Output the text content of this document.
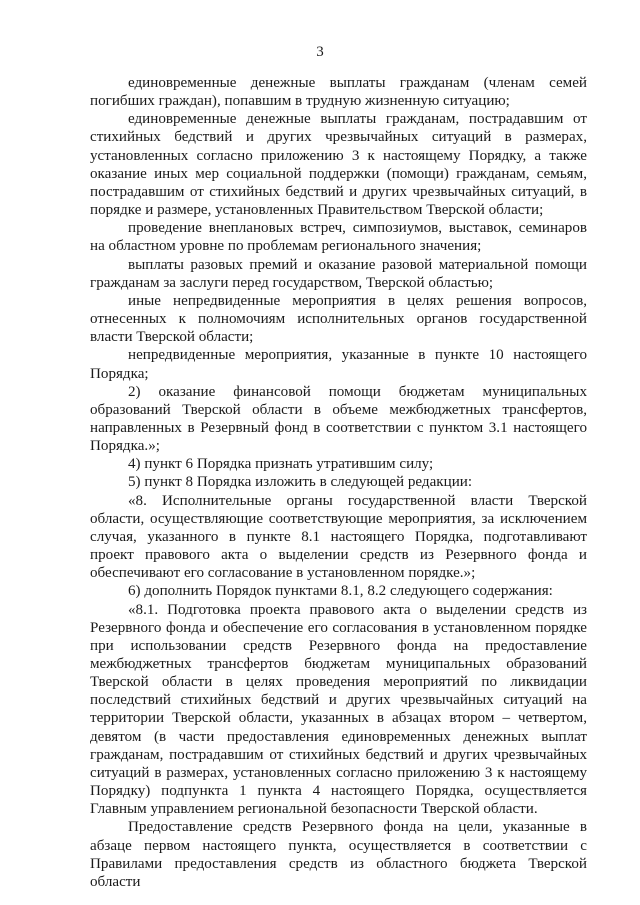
3

единовременные денежные выплаты гражданам (членам семей погибших граждан), попавшим в трудную жизненную ситуацию;

единовременные денежные выплаты гражданам, пострадавшим от стихийных бедствий и других чрезвычайных ситуаций в размерах, установленных согласно приложению 3 к настоящему Порядку, а также оказание иных мер социальной поддержки (помощи) гражданам, семьям, пострадавшим от стихийных бедствий и других чрезвычайных ситуаций, в порядке и размере, установленных Правительством Тверской области;

проведение внеплановых встреч, симпозиумов, выставок, семинаров на областном уровне по проблемам регионального значения;

выплаты разовых премий и оказание разовой материальной помощи гражданам за заслуги перед государством, Тверской областью;

иные непредвиденные мероприятия в целях решения вопросов, отнесенных к полномочиям исполнительных органов государственной власти Тверской области;

непредвиденные мероприятия, указанные в пункте 10 настоящего Порядка;

2) оказание финансовой помощи бюджетам муниципальных образований Тверской области в объеме межбюджетных трансфертов, направленных в Резервный фонд в соответствии с пунктом 3.1 настоящего Порядка.»;

4) пункт 6 Порядка признать утратившим силу;

5) пункт 8 Порядка изложить в следующей редакции:

«8. Исполнительные органы государственной власти Тверской области, осуществляющие соответствующие мероприятия, за исключением случая, указанного в пункте 8.1 настоящего Порядка, подготавливают проект правового акта о выделении средств из Резервного фонда и обеспечивают его согласование в установленном порядке.»;

6) дополнить Порядок пунктами 8.1, 8.2 следующего содержания:

«8.1. Подготовка проекта правового акта о выделении средств из Резервного фонда и обеспечение его согласования в установленном порядке при использовании средств Резервного фонда на предоставление межбюджетных трансфертов бюджетам муниципальных образований Тверской области в целях проведения мероприятий по ликвидации последствий стихийных бедствий и других чрезвычайных ситуаций на территории Тверской области, указанных в абзацах втором – четвертом, девятом (в части предоставления единовременных денежных выплат гражданам, пострадавшим от стихийных бедствий и других чрезвычайных ситуаций в размерах, установленных согласно приложению 3 к настоящему Порядку) подпункта 1 пункта 4 настоящего Порядка, осуществляется Главным управлением региональной безопасности Тверской области.

Предоставление средств Резервного фонда на цели, указанные в абзаце первом настоящего пункта, осуществляется в соответствии с Правилами предоставления средств из областного бюджета Тверской области
